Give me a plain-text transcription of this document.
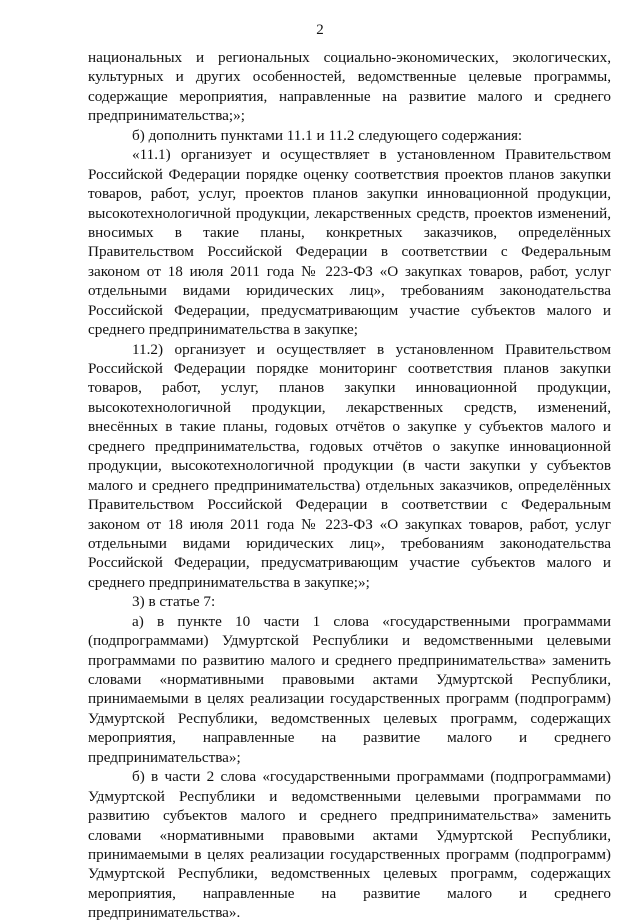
2
национальных и региональных социально-экономических, экологических,
культурных и других особенностей, ведомственные целевые программы,
содержащие мероприятия, направленные на развитие малого и среднего
предпринимательства;»;
б) дополнить пунктами 11.1 и 11.2 следующего содержания:
«11.1) организует и осуществляет в установленном Правительством
Российской Федерации порядке оценку соответствия проектов планов закупки
товаров, работ, услуг, проектов планов закупки инновационной продукции,
высокотехнологичной продукции, лекарственных средств, проектов изменений,
вносимых в такие планы, конкретных заказчиков, определённых
Правительством Российской Федерации в соответствии с Федеральным
законом от 18 июля 2011 года № 223-ФЗ «О закупках товаров, работ, услуг
отдельными видами юридических лиц», требованиям законодательства
Российской Федерации, предусматривающим участие субъектов малого и
среднего предпринимательства в закупке;
11.2) организует и осуществляет в установленном Правительством
Российской Федерации порядке мониторинг соответствия планов закупки
товаров, работ, услуг, планов закупки инновационной продукции,
высокотехнологичной продукции, лекарственных средств, изменений,
внесённых в такие планы, годовых отчётов о закупке у субъектов малого и
среднего предпринимательства, годовых отчётов о закупке инновационной
продукции, высокотехнологичной продукции (в части закупки у субъектов
малого и среднего предпринимательства) отдельных заказчиков, определённых
Правительством Российской Федерации в соответствии с Федеральным
законом от 18 июля 2011 года № 223-ФЗ «О закупках товаров, работ, услуг
отдельными видами юридических лиц», требованиям законодательства
Российской Федерации, предусматривающим участие субъектов малого и
среднего предпринимательства в закупке;»;
3) в статье 7:
а) в пункте 10 части 1 слова «государственными программами
(подпрограммами) Удмуртской Республики и ведомственными целевыми
программами по развитию малого и среднего предпринимательства» заменить
словами «нормативными правовыми актами Удмуртской Республики,
принимаемыми в целях реализации государственных программ (подпрограмм)
Удмуртской Республики, ведомственных целевых программ, содержащих
мероприятия, направленные на развитие малого и среднего
предпринимательства»;
б) в части 2 слова «государственными программами (подпрограммами)
Удмуртской Республики и ведомственными целевыми программами по
развитию субъектов малого и среднего предпринимательства» заменить
словами «нормативными правовыми актами Удмуртской Республики,
принимаемыми в целях реализации государственных программ (подпрограмм)
Удмуртской Республики, ведомственных целевых программ, содержащих
мероприятия, направленные на развитие малого и среднего
предпринимательства».
